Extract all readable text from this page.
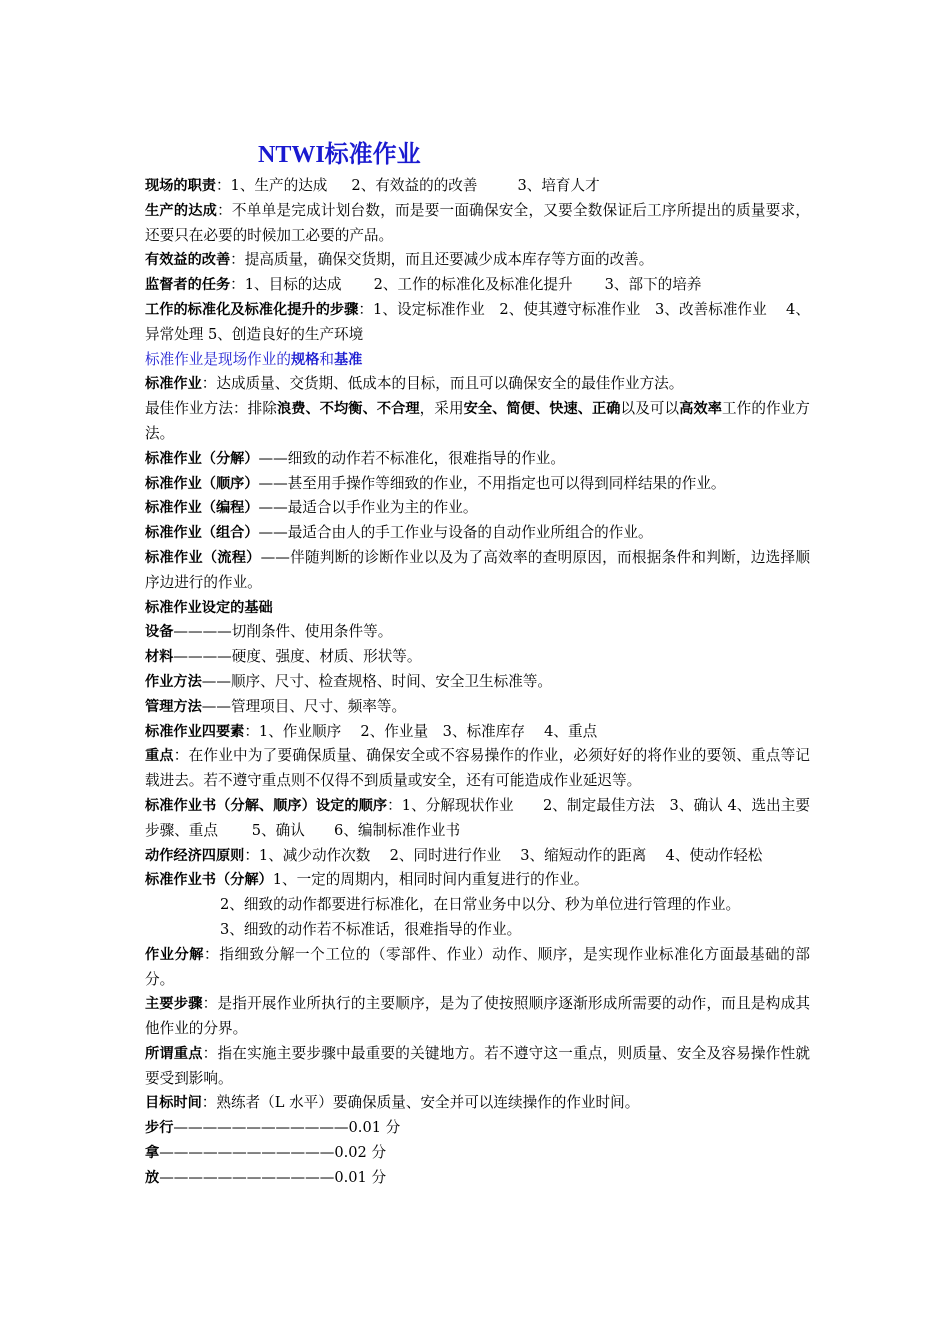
NTWI标准作业

现场的职责：1、生产的达成 2、有效益的的改善	3、培育人才

生产的达成：不单单是完成计划台数，而是要一面确保安全，又要全数保证后工序所提出的质量要求，还要只在必要的时候加工必要的产品。

有效益的改善：提高质量，确保交货期，而且还要减少成本库存等方面的改善。

监督者的任务：1、目标的达成 2、工作的标准化及标准化提升 3、部下的培养

工作的标准化及标准化提升的步骤：1、设定标准作业　2、使其遵守标准作业　3、改善标准作业　 4、异常处理 5、创造良好的生产环境

标准作业是现场作业的规格和基准

标准作业：达成质量、交货期、低成本的目标，而且可以确保安全的最佳作业方法。

最佳作业方法：排除浪费、不均衡、不合理，采用安全、简便、快速、正确以及可以高效率工作的作业方法。

标准作业（分解）——细致的动作若不标准化，很难指导的作业。

标准作业（顺序）——甚至用手操作等细致的作业，不用指定也可以得到同样结果的作业。

标准作业（编程）——最适合以手作业为主的作业。

标准作业（组合）——最适合由人的手工作业与设备的自动作业所组合的作业。

标准作业（流程）——伴随判断的诊断作业以及为了高效率的查明原因，而根据条件和判断，边选择顺序边进行的作业。

标准作业设定的基础

设备————切削条件、使用条件等。

材料————硬度、强度、材质、形状等。

作业方法——顺序、尺寸、检查规格、时间、安全卫生标准等。

管理方法——管理项目、尺寸、频率等。

标准作业四要素：1、作业顺序　 2、作业量　3、标准库存　 4、重点

重点：在作业中为了要确保质量、确保安全或不容易操作的作业，必须好好的将作业的要领、重点等记载进去。若不遵守重点则不仅得不到质量或安全，还有可能造成作业延迟等。

标准作业书（分解、顺序）设定的顺序：1、分解现状作业　　2、制定最佳方法　3、确认 4、选出主要步骤、重点　　 5、确认　　6、编制标准作业书

动作经济四原则：1、减少动作次数　 2、同时进行作业　 3、缩短动作的距离　 4、使动作轻松

标准作业书（分解）1、一定的周期内，相同时间内重复进行的作业。

2、细致的动作都要进行标准化，在日常业务中以分、秒为单位进行管理的作业。

3、细致的动作若不标准话，很难指导的作业。

作业分解：指细致分解一个工位的（零部件、作业）动作、顺序，是实现作业标准化方面最基础的部分。

主要步骤：是指开展作业所执行的主要顺序，是为了使按照顺序逐渐形成所需要的动作，而且是构成其他作业的分界。

所谓重点：指在实施主要步骤中最重要的关键地方。若不遵守这一重点，则质量、安全及容易操作性就要受到影响。

目标时间：熟练者（L 水平）要确保质量、安全并可以连续操作的作业时间。

步行————————————0.01 分

拿————————————0.02 分

放————————————0.01 分
